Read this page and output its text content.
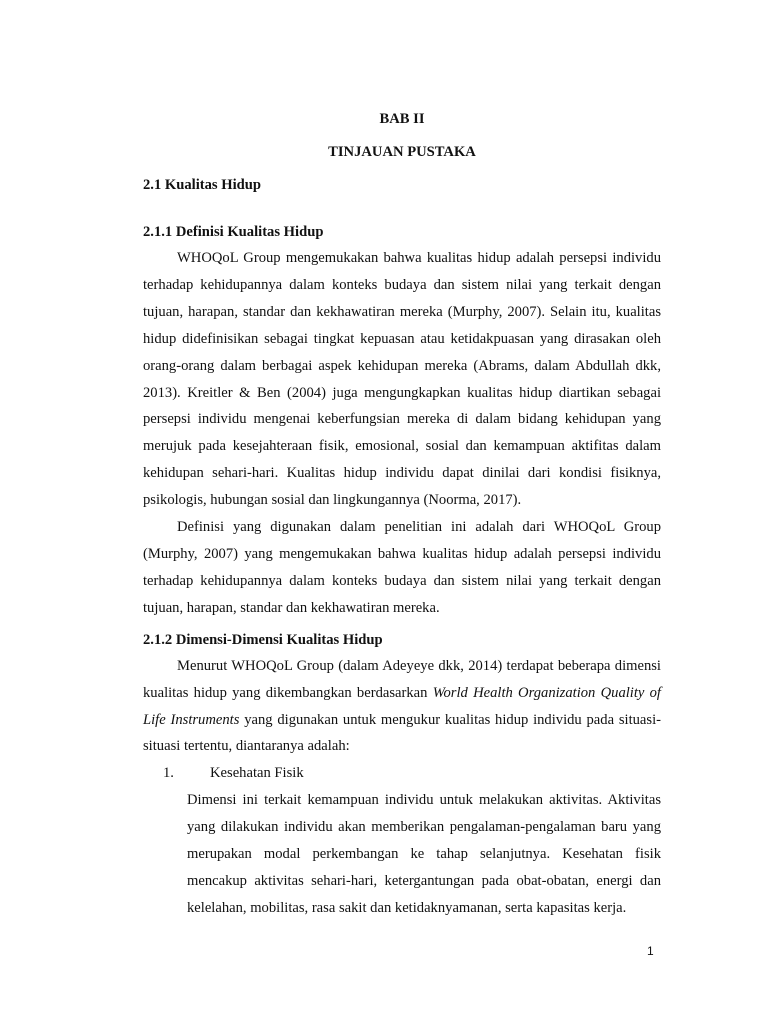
BAB II
TINJAUAN PUSTAKA
2.1 Kualitas Hidup
2.1.1 Definisi Kualitas Hidup

WHOQoL Group mengemukakan bahwa kualitas hidup adalah persepsi individu terhadap kehidupannya dalam konteks budaya dan sistem nilai yang terkait dengan tujuan, harapan, standar dan kekhawatiran mereka (Murphy, 2007). Selain itu, kualitas hidup didefinisikan sebagai tingkat kepuasan atau ketidakpuasan yang dirasakan oleh orang-orang dalam berbagai aspek kehidupan mereka (Abrams, dalam Abdullah dkk, 2013). Kreitler & Ben (2004) juga mengungkapkan kualitas hidup diartikan sebagai persepsi individu mengenai keberfungsian mereka di dalam bidang kehidupan yang merujuk pada kesejahteraan fisik, emosional, sosial dan kemampuan aktifitas dalam kehidupan sehari-hari. Kualitas hidup individu dapat dinilai dari kondisi fisiknya, psikologis, hubungan sosial dan lingkungannya (Noorma, 2017).

Definisi yang digunakan dalam penelitian ini adalah dari WHOQoL Group (Murphy, 2007) yang mengemukakan bahwa kualitas hidup adalah persepsi individu terhadap kehidupannya dalam konteks budaya dan sistem nilai yang terkait dengan tujuan, harapan, standar dan kekhawatiran mereka.

2.1.2 Dimensi-Dimensi Kualitas Hidup

Menurut WHOQoL Group (dalam Adeyeye dkk, 2014) terdapat beberapa dimensi kualitas hidup yang dikembangkan berdasarkan World Health Organization Quality of Life Instruments yang digunakan untuk mengukur kualitas hidup individu pada situasi-situasi tertentu, diantaranya adalah:

1. Kesehatan Fisik

Dimensi ini terkait kemampuan individu untuk melakukan aktivitas. Aktivitas yang dilakukan individu akan memberikan pengalaman-pengalaman baru yang merupakan modal perkembangan ke tahap selanjutnya. Kesehatan fisik mencakup aktivitas sehari-hari, ketergantungan pada obat-obatan, energi dan kelelahan, mobilitas, rasa sakit dan ketidaknyamanan, serta kapasitas kerja.

1
